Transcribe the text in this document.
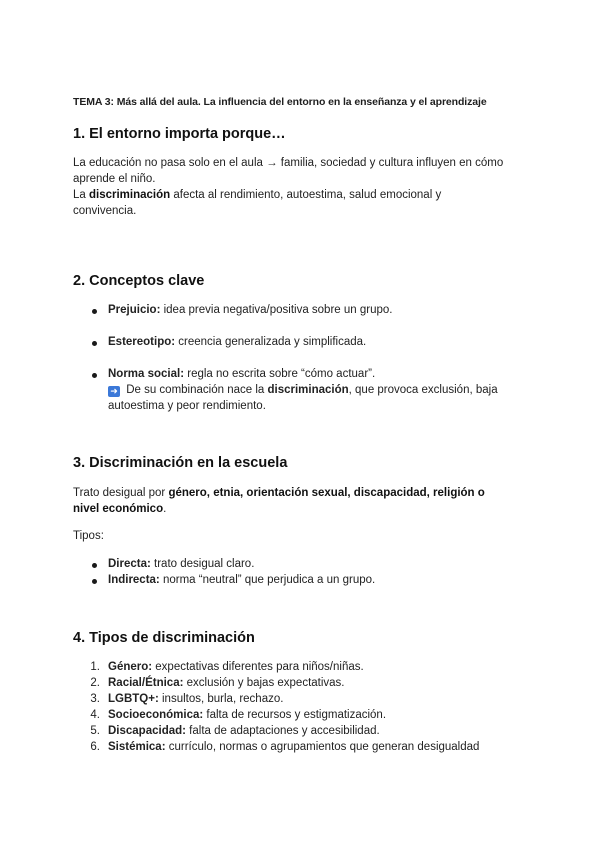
TEMA 3: Más allá del aula. La influencia del entorno en la enseñanza y el aprendizaje
1. El entorno importa porque…
La educación no pasa solo en el aula → familia, sociedad y cultura influyen en cómo
aprende el niño.
La discriminación afecta al rendimiento, autoestima, salud emocional y
convivencia.
2. Conceptos clave
Prejuicio: idea previa negativa/positiva sobre un grupo.
Estereotipo: creencia generalizada y simplificada.
Norma social: regla no escrita sobre “cómo actuar”.
➜ De su combinación nace la discriminación, que provoca exclusión, baja
autoestima y peor rendimiento.
3. Discriminación en la escuela
Trato desigual por género, etnia, orientación sexual, discapacidad, religión o
nivel económico.
Tipos:
Directa: trato desigual claro.
Indirecta: norma “neutral” que perjudica a un grupo.
4. Tipos de discriminación
1. Género: expectativas diferentes para niños/niñas.
2. Racial/Étnica: exclusión y bajas expectativas.
3. LGBTQ+: insultos, burla, rechazo.
4. Socioeconómica: falta de recursos y estigmatización.
5. Discapacidad: falta de adaptaciones y accesibilidad.
6. Sistémica: currículo, normas o agrupamientos que generan desigualdad
